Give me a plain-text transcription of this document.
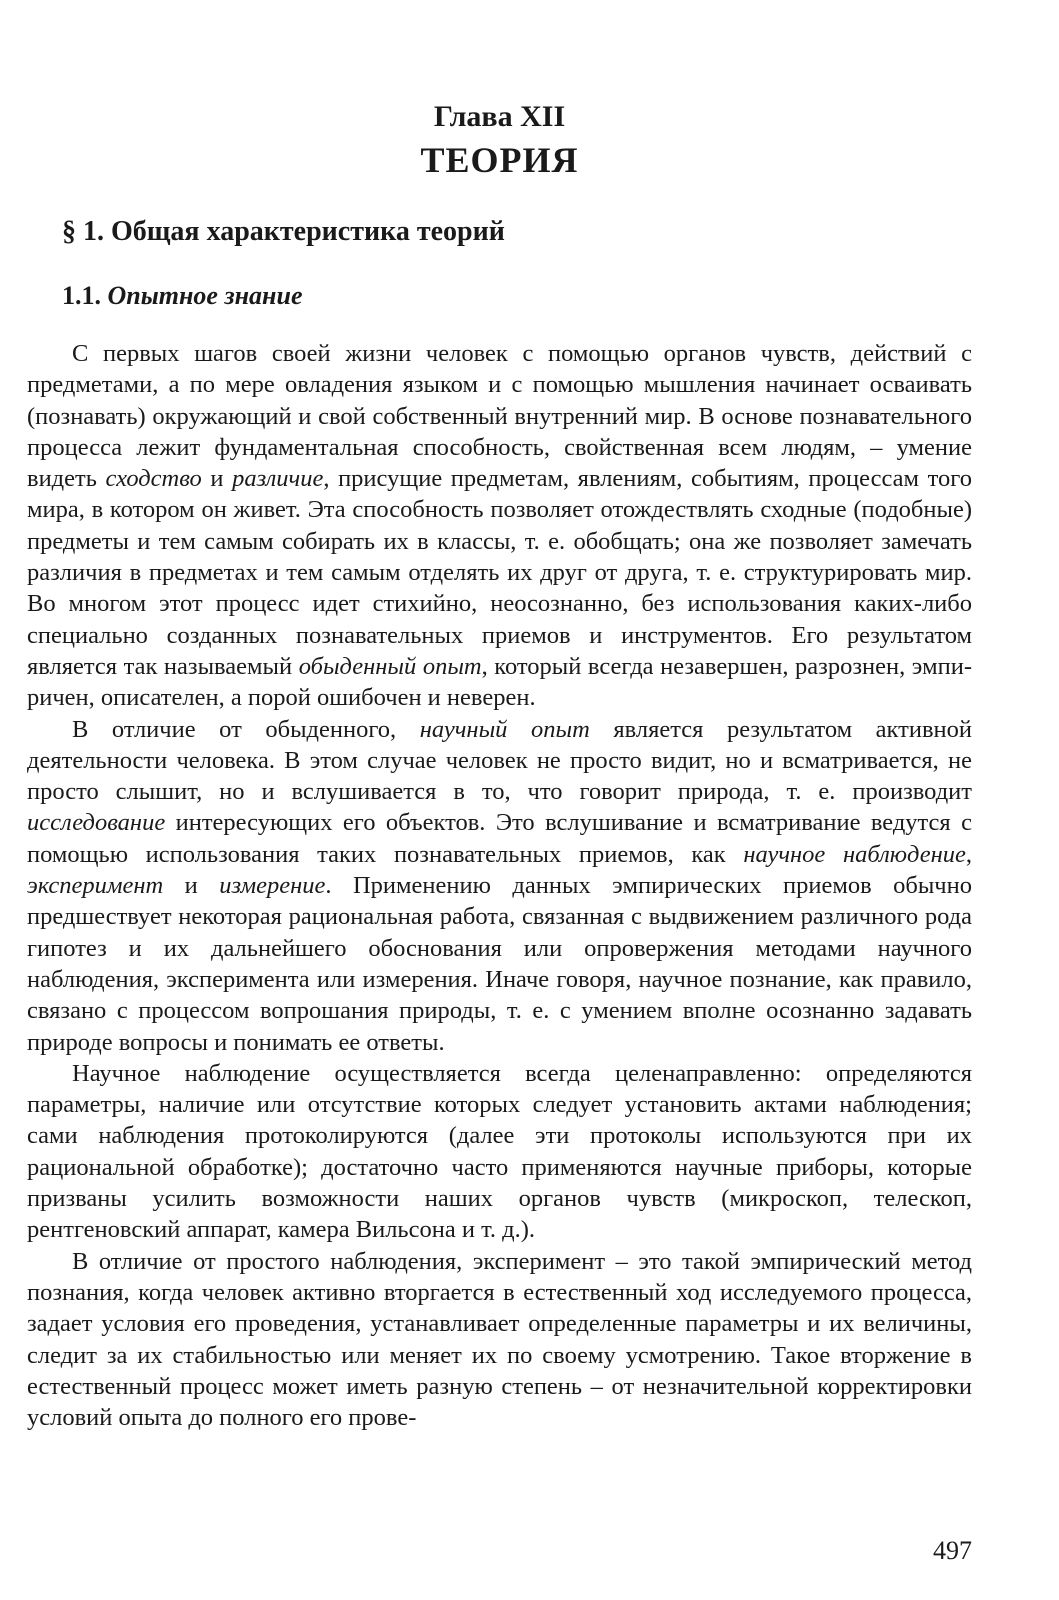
Глава XII
ТЕОРИЯ
§ 1. Общая характеристика теорий
1.1. Опытное знание

С первых шагов своей жизни человек с помощью органов чувств, действий с предметами, а по мере овладения языком и с помощью мышления начинает осваивать (познавать) окружающий и свой собственный внутренний мир. В основе познавательного процесса лежит фундаментальная способность, свойственная всем людям, – умение видеть сходство и различие, присущие предметам, явлениям, событиям, процессам того мира, в котором он живет. Эта способность позволяет отождествлять сходные (подобные) предметы и тем самым собирать их в классы, т. е. обобщать; она же позволяет замечать различия в предметах и тем самым отделять их друг от друга, т. е. структурировать мир. Во многом этот процесс идет стихийно, неосознанно, без использования каких-либо специально созданных познавательных приемов и инструментов. Его результатом является так называемый обыденный опыт, который всегда незавершен, разрознен, эмпиричен, описателен, а порой ошибочен и неверен.

В отличие от обыденного, научный опыт является результатом активной деятельности человека. В этом случае человек не просто видит, но и всматривается, не просто слышит, но и вслушивается в то, что говорит природа, т. е. производит исследование интересующих его объектов. Это вслушивание и всматривание ведутся с помощью использования таких познавательных приемов, как научное наблюдение, эксперимент и измерение. Применению данных эмпирических приемов обычно предшествует некоторая рациональная работа, связанная с выдвижением различного рода гипотез и их дальнейшего обоснования или опровержения методами научного наблюдения, эксперимента или измерения. Иначе говоря, научное познание, как правило, связано с процессом вопрошания природы, т. е. с умением вполне осознанно задавать природе вопросы и понимать ее ответы.

Научное наблюдение осуществляется всегда целенаправленно: определяются параметры, наличие или отсутствие которых следует установить актами наблюдения; сами наблюдения протоколируются (далее эти протоколы используются при их рациональной обработке); достаточно часто применяются научные приборы, которые призваны усилить возможности наших органов чувств (микроскоп, телескоп, рентгеновский аппарат, камера Вильсона и т. д.).

В отличие от простого наблюдения, эксперимент – это такой эмпирический метод познания, когда человек активно вторгается в естественный ход исследуемого процесса, задает условия его проведения, устанавливает определенные параметры и их величины, следит за их стабильностью или меняет их по своему усмотрению. Такое вторжение в естественный процесс может иметь разную степень – от незначительной корректировки условий опыта до полного его прове-

497
